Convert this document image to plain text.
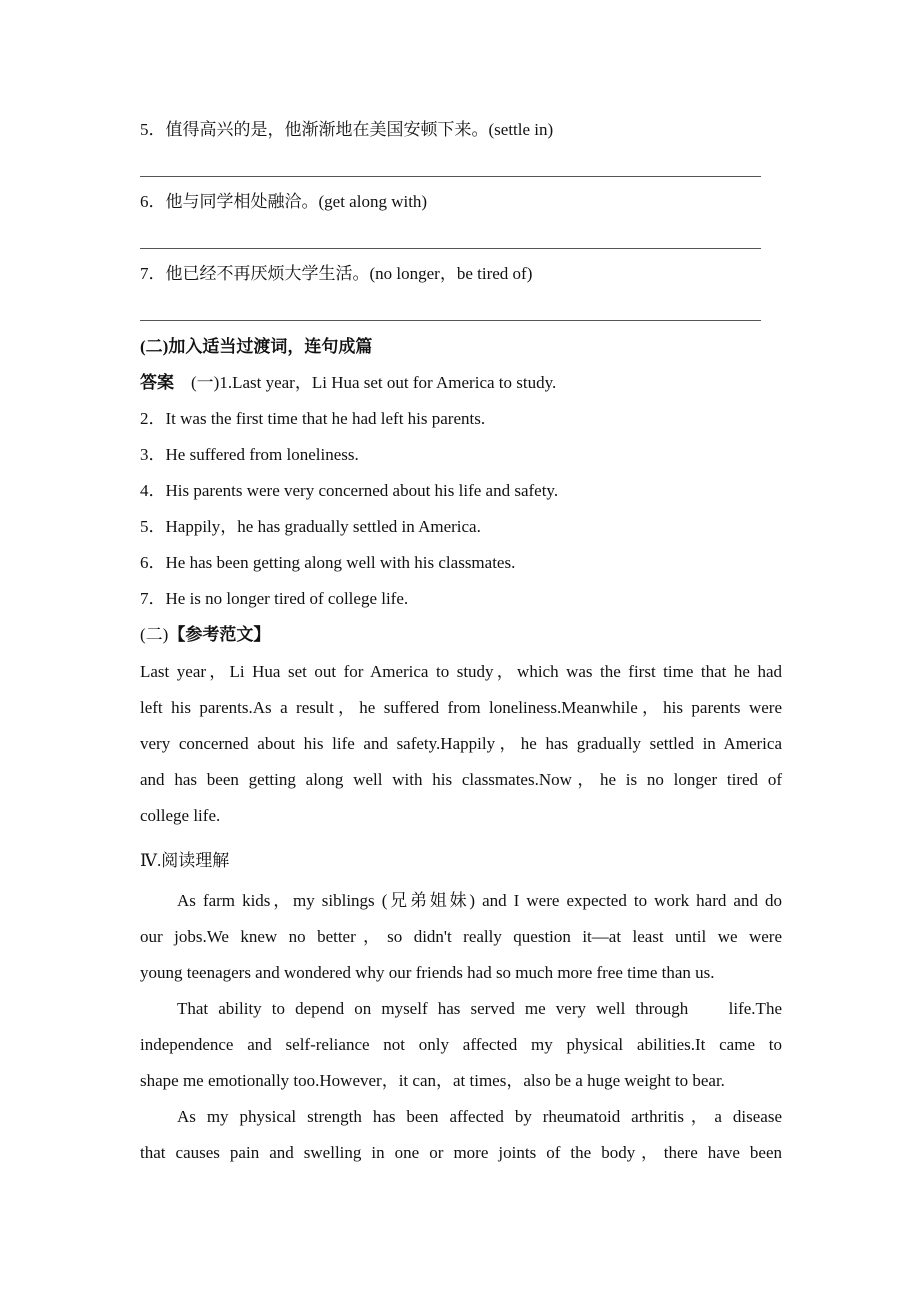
5．值得高兴的是，他渐渐地在美国安顿下来。(settle in)
6．他与同学相处融洽。(get along with)
7．他已经不再厌烦大学生活。(no longer，be tired of)
(二)加入适当过渡词，连句成篇
答案 (一)1.Last year，Li Hua set out for America to study.
2．It was the first time that he had left his parents.
3．He suffered from loneliness.
4．His parents were very concerned about his life and safety.
5．Happily，he has gradually settled in America.
6．He has been getting along well with his classmates.
7．He is no longer tired of college life.
(二)【参考范文】
Last year，Li Hua set out for America to study，which was the first time that he had
left his parents.As a result，he suffered from loneliness.Meanwhile，his parents were
very concerned about his life and safety.Happily，he has gradually settled in America
and has been getting along well with his classmates.Now，he is no longer tired of
college life.
Ⅳ.阅读理解
As farm kids，my siblings (兄弟姐妹) and I were expected to work hard and do
our jobs.We knew no better，so didn't really question it—at least until we were
young teenagers and wondered why our friends had so much more free time than us.
That ability to depend on myself has served me very well through    life.The
independence and self-reliance not only affected my physical abilities.It came to
shape me emotionally too.However，it can，at times，also be a huge weight to bear.
As my physical strength has been affected by rheumatoid arthritis，a disease
that causes pain and swelling in one or more joints of the body，there have been
